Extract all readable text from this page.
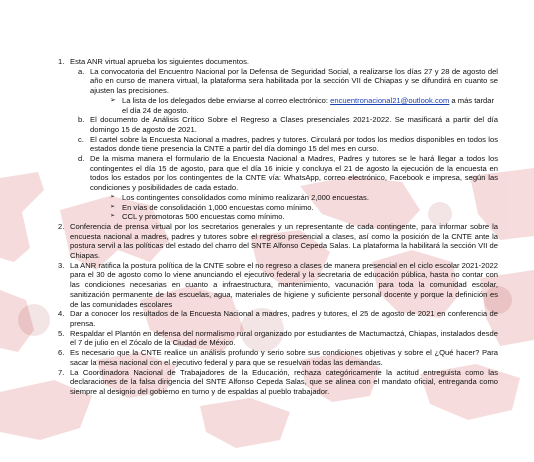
1. Esta ANR virtual aprueba los siguientes documentos.
a. La convocatoria del Encuentro Nacional por la Defensa de Seguridad Social, a realizarse los días 27 y 28 de agosto del año en curso de manera virtual, la plataforma sera habilitada por la sección VII de Chiapas y se difundirá en cuanto se ajusten las precisiones.
➢ La lista de los delegados debe enviarse al correo electrónico: encuentronacional21@outlook.com a más tardar el día 24 de agosto.
b. El documento de Análisis Crítico Sobre el Regreso a Clases presenciales 2021-2022. Se masificará a partir del día domingo 15 de agosto de 2021.
c. El cartel sobre la Encuesta Nacional a madres, padres y tutores. Circulará por todos los medios disponibles en todos los estados donde tiene presencia la CNTE a partir del día domingo 15 del mes en curso.
d. De la misma manera el formulario de la Encuesta Nacional a Madres, Padres y tutores se le hará llegar a todos los contingentes el día 15 de agosto, para que el día 16 inicie y concluya el 21 de agosto la ejecución de la encuesta en todos los estados por los contingentes de la CNTE vía: WhatsApp, correo electrónico, Facebook e impresa, según las condiciones y posibilidades de cada estado.
➢ Los contingentes consolidados como mínimo realizarán 2,000 encuestas.
➢ En vías de consolidación 1,000 encuestas como mínimo.
➢ CCL y promotoras 500 encuestas como mínimo.
2. Conferencia de prensa virtual por los secretarios generales y un representante de cada contingente, para informar sobre la encuesta nacional a madres, padres y tutores sobre el regreso presencial a clases, así como la posición de la CNTE ante la postura servil a las políticas del estado del charro del SNTE Alfonso Cepeda Salas. La plataforma la habilitará la sección VII de Chiapas.
3. La ANR ratifica la postura política de la CNTE sobre el no regreso a clases de manera presencial en el ciclo escolar 2021-2022 para el 30 de agosto como lo viene anunciando el ejecutivo federal y la secretaria de educación pública, hasta no contar con las condiciones necesarias en cuanto a infraestructura, mantenimiento, vacunación para toda la comunidad escolar, sanitización permanente de las escuelas, agua, materiales de higiene y suficiente personal docente y porque la definición es de las comunidades escolares
4. Dar a conocer los resultados de la Encuesta Nacional a madres, padres y tutores, el 25 de agosto de 2021 en conferencia de prensa.
5. Respaldar el Plantón en defensa del normalismo rural organizado por estudiantes de Mactumactzá, Chiapas, instalados desde el 7 de julio en el Zócalo de la Ciudad de México.
6. Es necesario que la CNTE realice un análisis profundo y serio sobre sus condiciones objetivas y sobre el ¿Qué hacer? Para sacar la mesa nacional con el ejecutivo federal y para que se resuelvan todas las demandas.
7. La Coordinadora Nacional de Trabajadores de la Educación, rechaza categóricamente la actitud entreguista como las declaraciones de la falsa dirigencia del SNTE Alfonso Cepeda Salas, que se alinea con el mandato oficial, entreganda como siempre al designio del gobierno en turno y de espaldas al pueblo trabajador.
